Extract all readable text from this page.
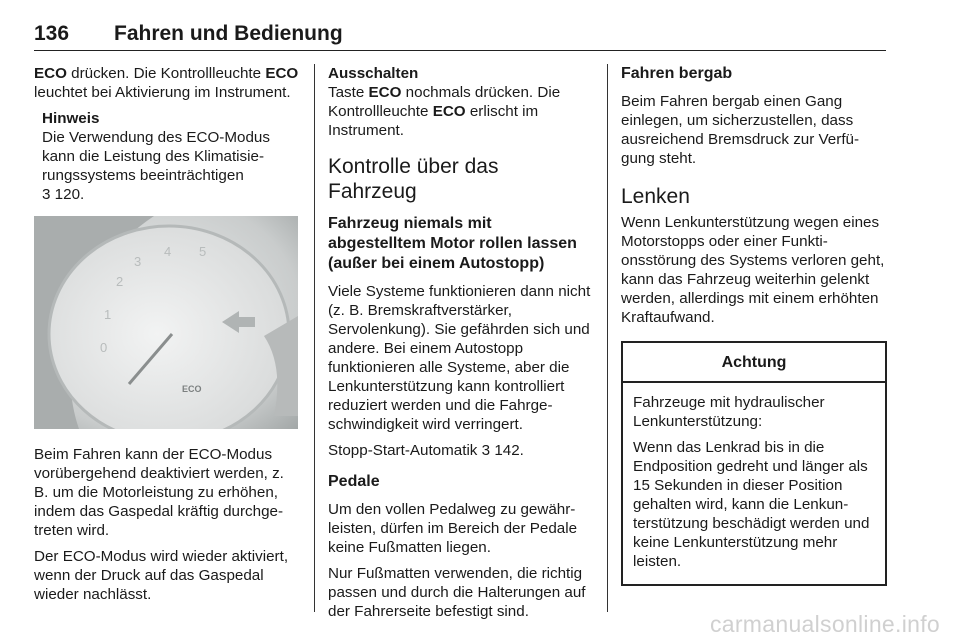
136 Fahren und Bedienung

ECO drücken. Die Kontrollleuchte ECO leuchtet bei Aktivierung im Instrument.

Hinweis
Die Verwendung des ECO-Modus kann die Leistung des Klimatisierungssystems beeinträchtigen
3 120.
2
3
4 5
1
0
ECO

Beim Fahren kann der ECO-Modus vorübergehend deaktiviert werden, z. B. um die Motorleistung zu erhöhen, indem das Gaspedal kräftig durchgetreten wird.

Der ECO-Modus wird wieder aktiviert, wenn der Druck auf das Gaspedal wieder nachlässt.

Ausschalten

Taste ECO nochmals drücken. Die Kontrollleuchte ECO erlischt im Instrument.

Kontrolle über das Fahrzeug
Fahrzeug niemals mit abgestelltem Motor rollen lassen (außer bei einem Autostopp)

Viele Systeme funktionieren dann nicht (z. B. Bremskraftverstärker, Servolenkung). Sie gefährden sich und andere. Bei einem Autostopp funktionieren alle Systeme, aber die Lenkunterstützung kann kontrolliert reduziert werden und die Fahrgeschwindigkeit wird verringert.

Stopp-Start-Automatik 3 142.

Pedale

Um den vollen Pedalweg zu gewährleisten, dürfen im Bereich der Pedale keine Fußmatten liegen.

Nur Fußmatten verwenden, die richtig passen und durch die Halterungen auf der Fahrerseite befestigt sind.

Fahren bergab

Beim Fahren bergab einen Gang einlegen, um sicherzustellen, dass ausreichend Bremsdruck zur Verfügung steht.

Lenken

Wenn Lenkunterstützung wegen eines Motorstopps oder einer Funktionsstörung des Systems verloren geht, kann das Fahrzeug weiterhin gelenkt werden, allerdings mit einem erhöhten Kraftaufwand.

Achtung

Fahrzeuge mit hydraulischer Lenkunterstützung:

Wenn das Lenkrad bis in die Endposition gedreht und länger als 15 Sekunden in dieser Position gehalten wird, kann die Lenkunterstützung beschädigt werden und keine Lenkunterstützung mehr leisten.

carmanualsonline.info
